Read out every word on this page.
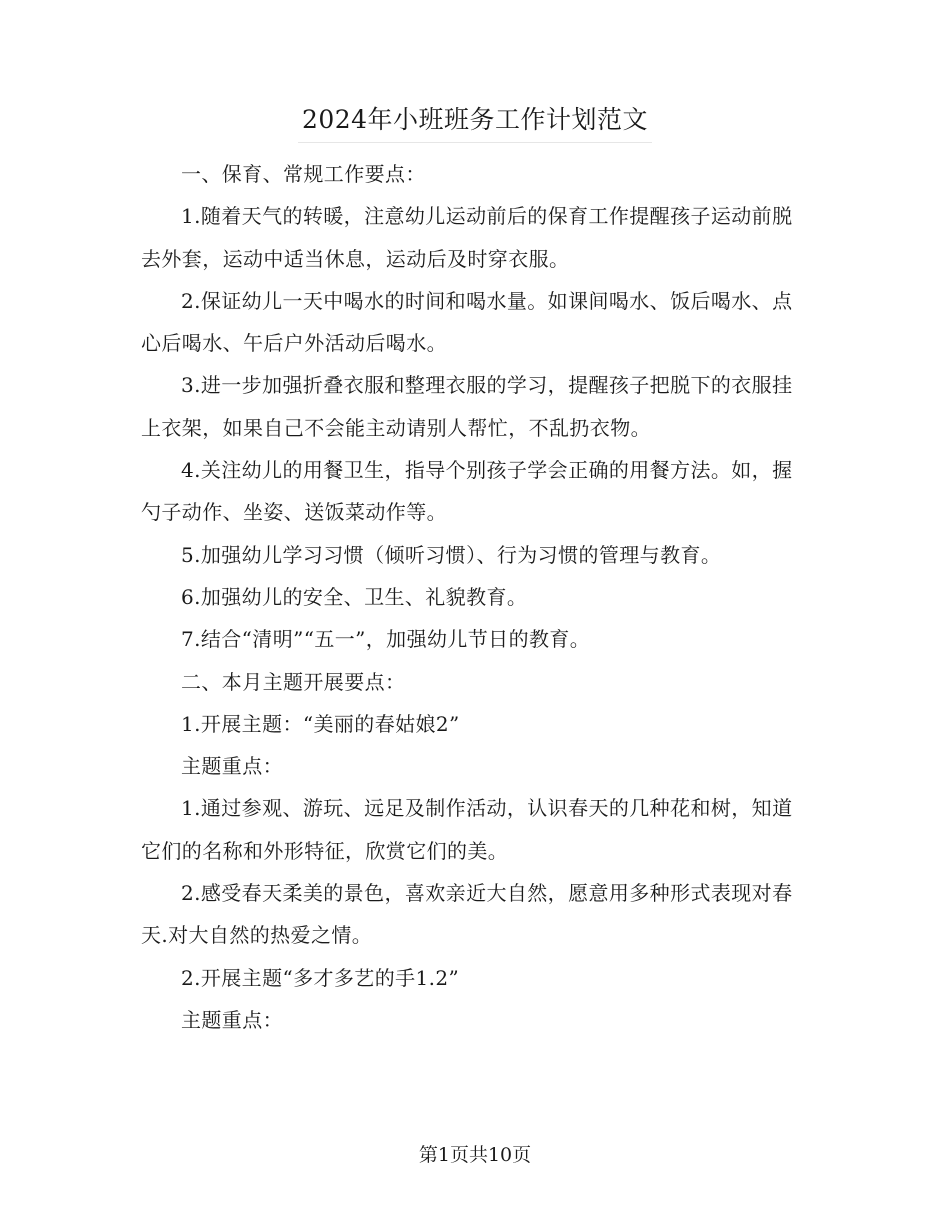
2024年小班班务工作计划范文

一、保育、常规工作要点：

1.随着天气的转暖，注意幼儿运动前后的保育工作提醒孩子运动前脱去外套，运动中适当休息，运动后及时穿衣服。

2.保证幼儿一天中喝水的时间和喝水量。如课间喝水、饭后喝水、点心后喝水、午后户外活动后喝水。

3.进一步加强折叠衣服和整理衣服的学习，提醒孩子把脱下的衣服挂上衣架，如果自己不会能主动请别人帮忙，不乱扔衣物。

4.关注幼儿的用餐卫生，指导个别孩子学会正确的用餐方法。如，握勺子动作、坐姿、送饭菜动作等。

5.加强幼儿学习习惯（倾听习惯）、行为习惯的管理与教育。

6.加强幼儿的安全、卫生、礼貌教育。

7.结合“清明”“五一”，加强幼儿节日的教育。

二、本月主题开展要点：

1.开展主题：“美丽的春姑娘2”

主题重点：

1.通过参观、游玩、远足及制作活动，认识春天的几种花和树，知道它们的名称和外形特征，欣赏它们的美。

2.感受春天柔美的景色，喜欢亲近大自然，愿意用多种形式表现对春天.对大自然的热爱之情。

2.开展主题“多才多艺的手1.2”

主题重点：

第1页共10页
